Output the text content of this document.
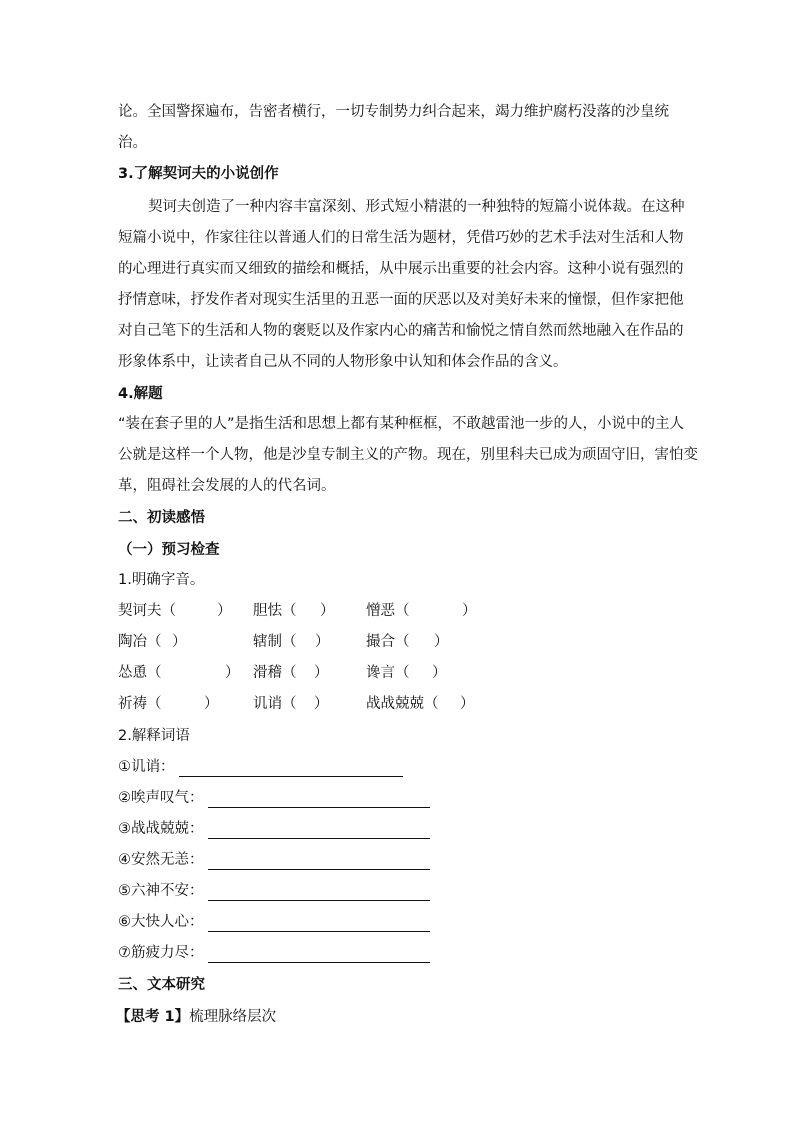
论。全国警探遍布，告密者横行，一切专制势力纠合起来，竭力维护腐朽没落的沙皇统
治。
3.了解契诃夫的小说创作
契诃夫创造了一种内容丰富深刻、形式短小精湛的一种独特的短篇小说体裁。在这种
短篇小说中，作家往往以普通人们的日常生活为题材，凭借巧妙的艺术手法对生活和人物
的心理进行真实而又细致的描绘和概括，从中展示出重要的社会内容。这种小说有强烈的
抒情意味，抒发作者对现实生活里的丑恶一面的厌恶以及对美好未来的憧憬，但作家把他
对自己笔下的生活和人物的褒贬以及作家内心的痛苦和愉悦之情自然而然地融入在作品的
形象体系中，让读者自己从不同的人物形象中认知和体会作品的含义。
4.解题
“装在套子里的人”是指生活和思想上都有某种框框，不敢越雷池一步的人，小说中的主人
公就是这样一个人物，他是沙皇专制主义的产物。现在，别里科夫已成为顽固守旧，害怕变
革，阻碍社会发展的人的代名词。
二、初读感悟
（一）预习检查
1.明确字音。
契诃夫（	） 胆怯（ ） 憎恶（	）
陶冶（ ）	辖制（ ）	撮合（ ）
怂恿（	） 滑稽（ ）	谗言（ ）
祈祷（	） 讥诮（ ）	战战兢兢（ ）
2.解释词语
①讥诮：
②唉声叹气：
③战战兢兢：
④安然无恙：
⑤六神不安：
⑥大快人心：
⑦筋疲力尽：
三、文本研究
【思考 1】梳理脉络层次
